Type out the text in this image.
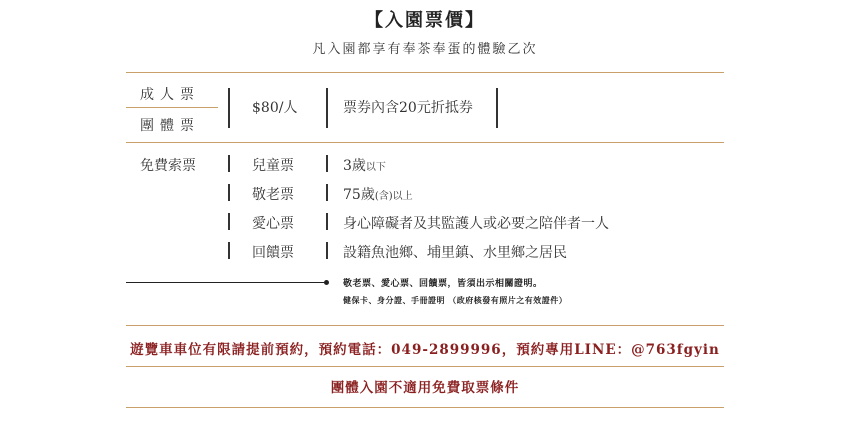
【入園票價】
凡入園都享有奉茶奉蛋的體驗乙次
成人票
團體票
$80/人	票券內含20元折抵券
免費索票	兒童票	3歲以下
敬老票	75歲(含)以上
愛心票	身心障礙者及其監護人或必要之陪伴者一人
回饋票	設籍魚池鄉、埔里鎮、水里鄉之居民
敬老票、愛心票、回饋票，皆須出示相關證明。
健保卡、身分證、手冊證明 （政府核發有照片之有效證件）
遊覽車車位有限請提前預約，預約電話：049-2899996，預約專用LINE：@763fgyin
團體入園不適用免費取票條件
